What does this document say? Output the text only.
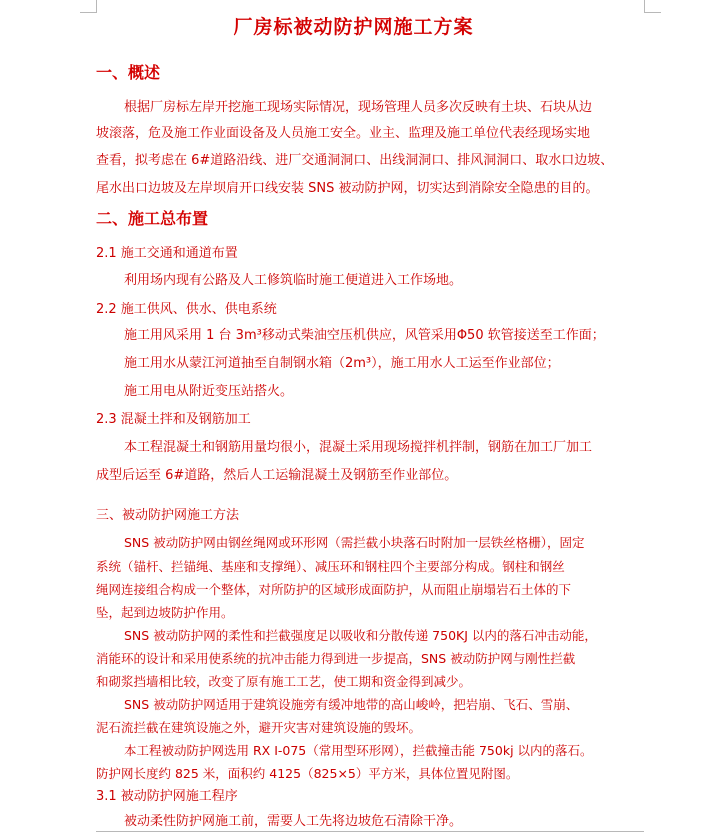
厂房标被动防护网施工方案
一、概述
根据厂房标左岸开挖施工现场实际情况，现场管理人员多次反映有土块、石块从边
坡滚落，危及施工作业面设备及人员施工安全。业主、监理及施工单位代表经现场实地
查看，拟考虑在 6#道路沿线、进厂交通洞洞口、出线洞洞口、排风洞洞口、取水口边坡、
尾水出口边坡及左岸坝肩开口线安装 SNS 被动防护网，切实达到消除安全隐患的目的。
二、施工总布置
2.1 施工交通和通道布置
利用场内现有公路及人工修筑临时施工便道进入工作场地。
2.2 施工供风、供水、供电系统
施工用风采用 1 台 3m³移动式柴油空压机供应，风管采用Φ50 软管接送至工作面；
施工用水从蒙江河道抽至自制钢水箱（2m³），施工用水人工运至作业部位；
施工用电从附近变压站搭火。
2.3 混凝土拌和及钢筋加工
本工程混凝土和钢筋用量均很小，混凝土采用现场搅拌机拌制，钢筋在加工厂加工
成型后运至 6#道路，然后人工运输混凝土及钢筋至作业部位。
三、被动防护网施工方法
SNS 被动防护网由钢丝绳网或环形网（需拦截小块落石时附加一层铁丝格栅），固定
系统（锚杆、拦锚绳、基座和支撑绳）、减压环和钢柱四个主要部分构成。钢柱和钢丝
绳网连接组合构成一个整体，对所防护的区域形成面防护，从而阻止崩塌岩石土体的下
坠，起到边坡防护作用。
SNS 被动防护网的柔性和拦截强度足以吸收和分散传递 750KJ 以内的落石冲击动能，
消能环的设计和采用使系统的抗冲击能力得到进一步提高，SNS 被动防护网与刚性拦截
和砌浆挡墙相比较，改变了原有施工工艺，使工期和资金得到减少。
SNS 被动防护网适用于建筑设施旁有缓冲地带的高山峻岭，把岩崩、飞石、雪崩、
泥石流拦截在建筑设施之外，避开灾害对建筑设施的毁坏。
本工程被动防护网选用 RX I-075（常用型环形网），拦截撞击能 750kj 以内的落石。
防护网长度约 825 米，面积约 4125（825×5）平方米，具体位置见附图。
3.1 被动防护网施工程序
被动柔性防护网施工前，需要人工先将边坡危石清除干净。
